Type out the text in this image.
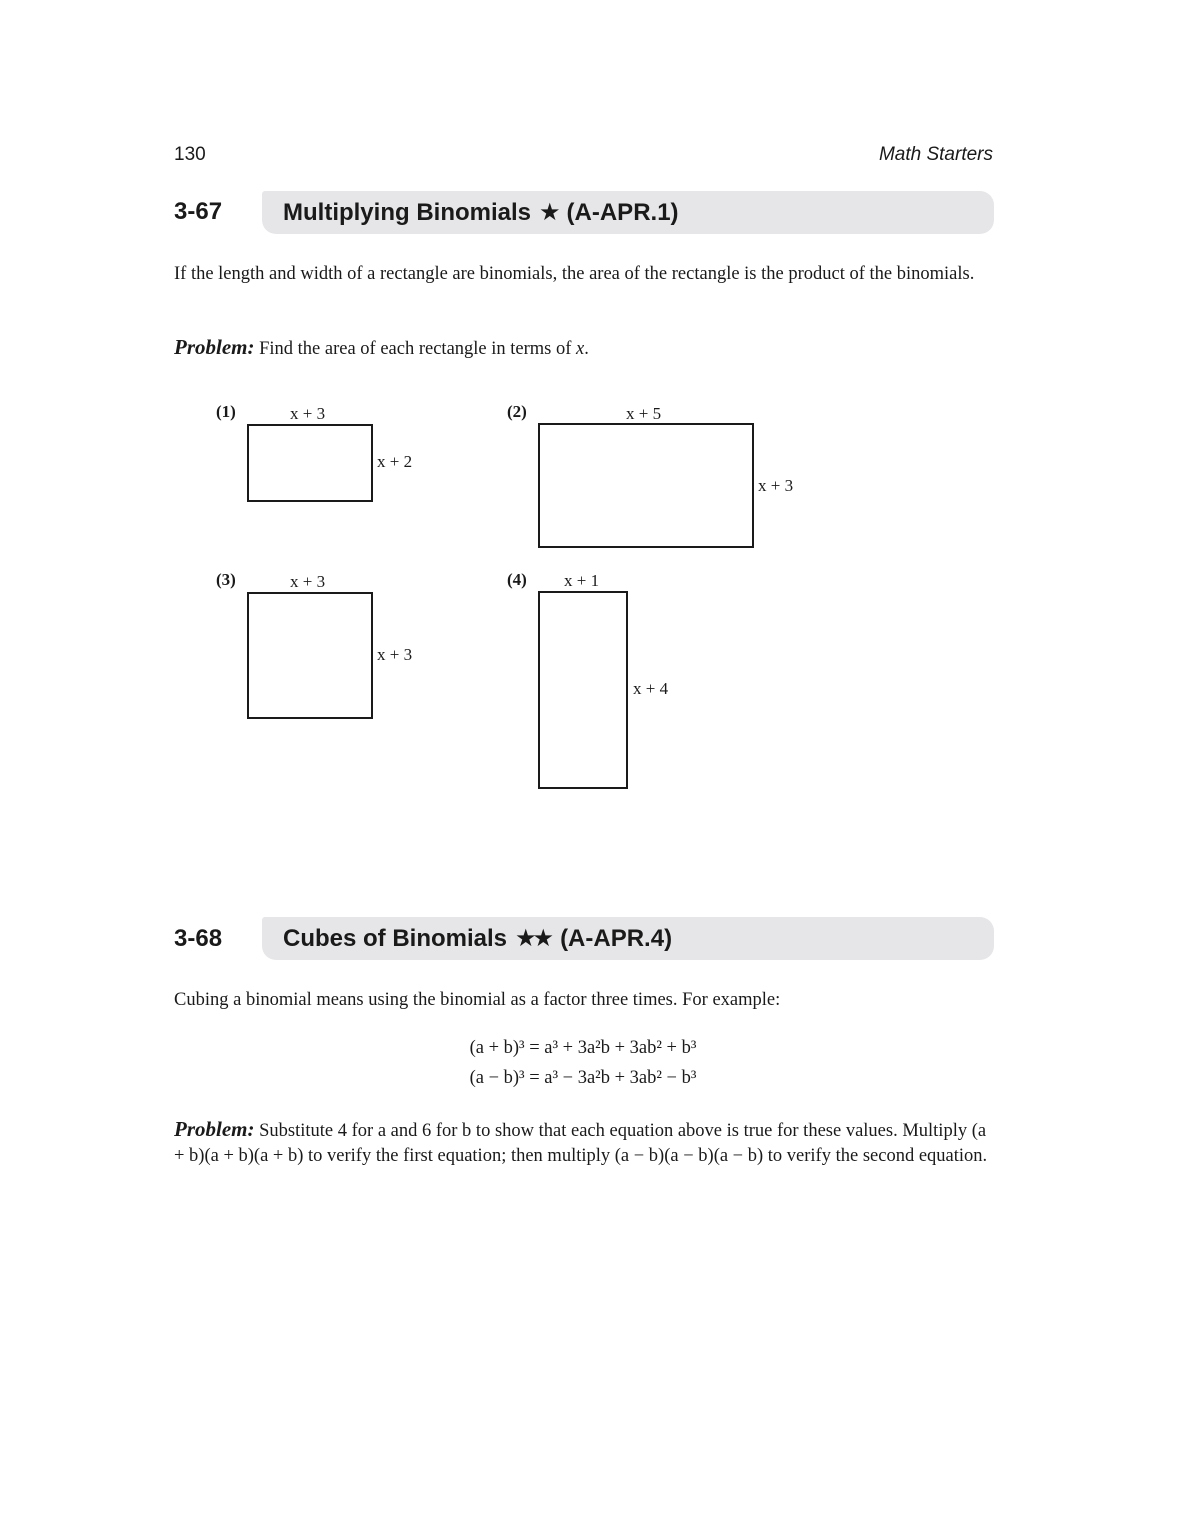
130	Math Starters
3-67	Multiplying Binomials ★ (A-APR.1)
If the length and width of a rectangle are binomials, the area of the rectangle is the product of the binomials.
Problem: Find the area of each rectangle in terms of x.
(1)	x + 3
x + 2
(2)	x + 5
x + 3
(3)	x + 3
x + 3
(4) x + 1
x + 4
3-68	Cubes of Binomials ★★ (A-APR.4)
Cubing a binomial means using the binomial as a factor three times. For example:
(a + b)³ = a³ + 3a²b + 3ab² + b³
(a − b)³ = a³ − 3a²b + 3ab² − b³
Problem: Substitute 4 for a and 6 for b to show that each equation above is true for these values. Multiply (a + b)(a + b)(a + b) to verify the first equation; then multiply (a − b)(a − b)(a − b) to verify the second equation.
